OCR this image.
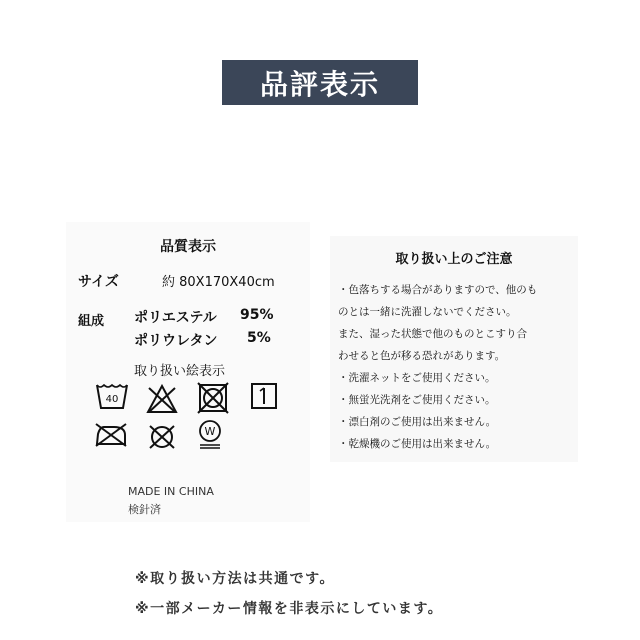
品評表示
品質表示
サイズ	約 80X170X40cm
組成 ポリエステル 95%
ポリウレタン 5%
取り扱い絵表示
40
W
MADE IN CHINA
検針済
取り扱い上のご注意
・色落ちする場合がありますので、他のも
のとは一緒に洗濯しないでください。
また、湿った状態で他のものとこすり合
わせると色が移る恐れがあります。
・洗濯ネットをご使用ください。
・無蛍光洗剤をご使用ください。
・漂白剤のご使用は出来ません。
・乾燥機のご使用は出来ません。
※取り扱い方法は共通です。
※一部メーカー情報を非表示にしています。
